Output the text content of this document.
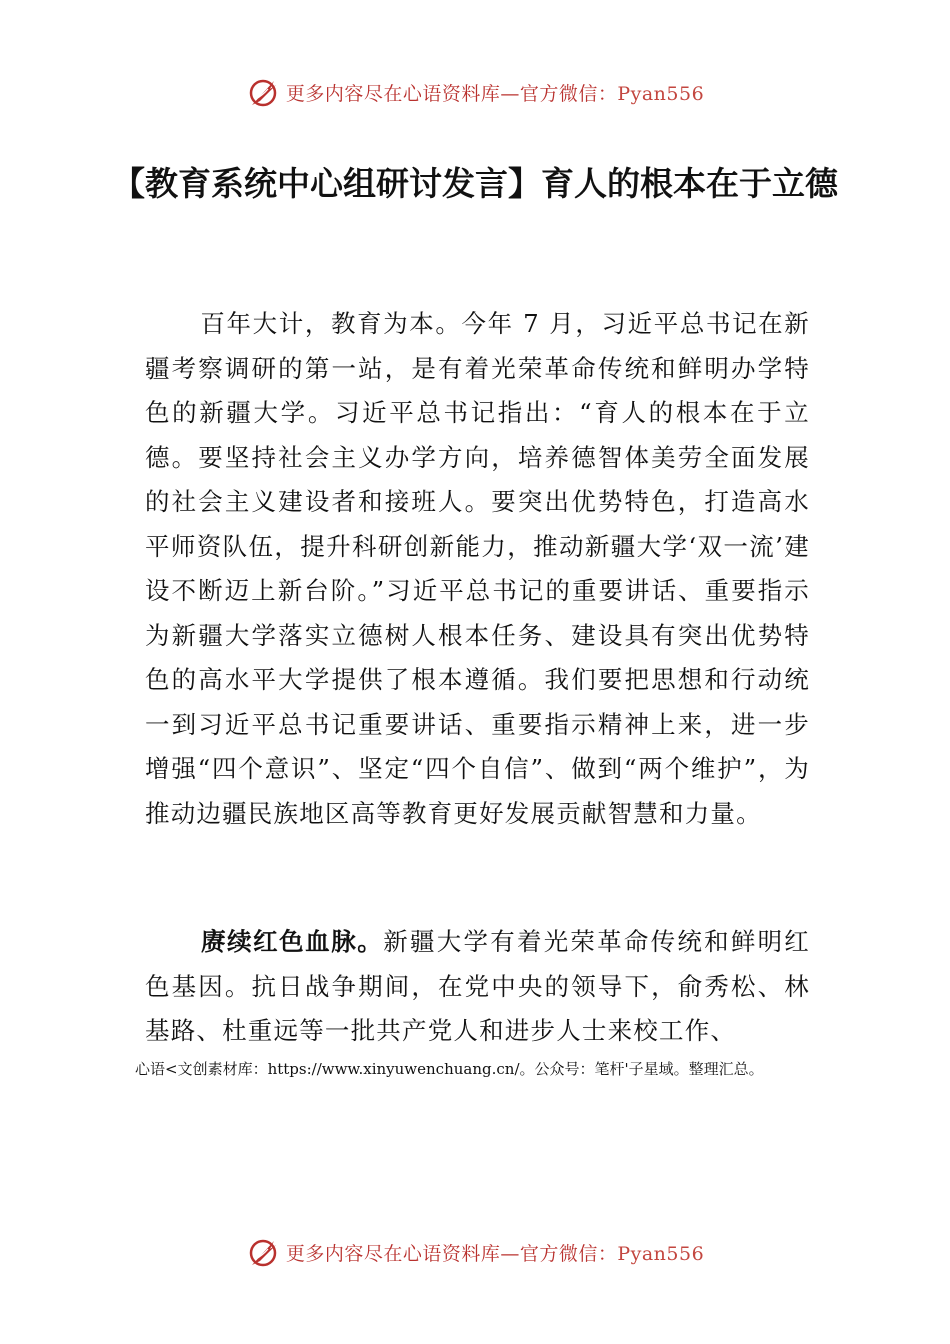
更多内容尽在心语资料库—官方微信：Pyan556
【教育系统中心组研讨发言】育人的根本在于立德

百年大计，教育为本。今年 7 月，习近平总书记在新疆考察调研的第一站，是有着光荣革命传统和鲜明办学特色的新疆大学。习近平总书记指出：“育人的根本在于立德。要坚持社会主义办学方向，培养德智体美劳全面发展的社会主义建设者和接班人。要突出优势特色，打造高水平师资队伍，提升科研创新能力，推动新疆大学‘双一流’建设不断迈上新台阶。”习近平总书记的重要讲话、重要指示为新疆大学落实立德树人根本任务、建设具有突出优势特色的高水平大学提供了根本遵循。我们要把思想和行动统一到习近平总书记重要讲话、重要指示精神上来，进一步增强“四个意识”、坚定“四个自信”、做到“两个维护”，为推动边疆民族地区高等教育更好发展贡献智慧和力量。

赓续红色血脉。新疆大学有着光荣革命传统和鲜明红色基因。抗日战争期间，在党中央的领导下，俞秀松、林基路、杜重远等一批共产党人和进步人士来校工作、

心语<文创素材库：https://www.xinyuwenchuang.cn/。公众号：笔杆'子星域。整理汇总。
更多内容尽在心语资料库—官方微信：Pyan556
